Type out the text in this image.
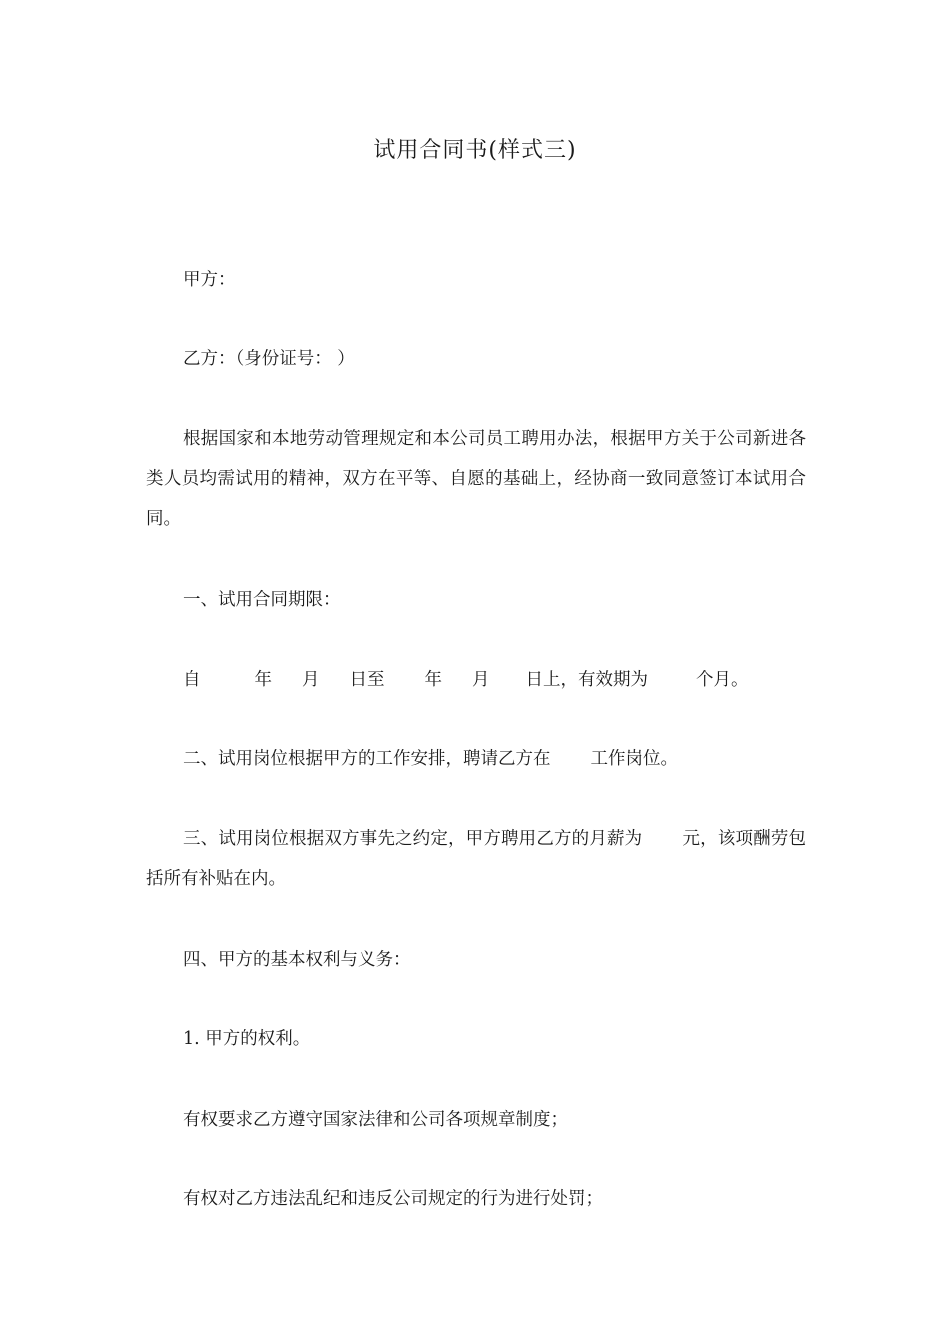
试用合同书(样式三)
甲方：
乙方：（身份证号： ）
根据国家和本地劳动管理规定和本公司员工聘用办法，根据甲方关于公司新进各类人员均需试用的精神，双方在平等、自愿的基础上，经协商一致同意签订本试用合同。
一、试用合同期限：
自	年 月 日至 年 月 日上，有效期为	个月。
二、试用岗位根据甲方的工作安排，聘请乙方在 工作岗位。
三、试用岗位根据双方事先之约定，甲方聘用乙方的月薪为 元，该项酬劳包括所有补贴在内。
四、甲方的基本权利与义务：
1. 甲方的权利。
有权要求乙方遵守国家法律和公司各项规章制度；
有权对乙方违法乱纪和违反公司规定的行为进行处罚；
